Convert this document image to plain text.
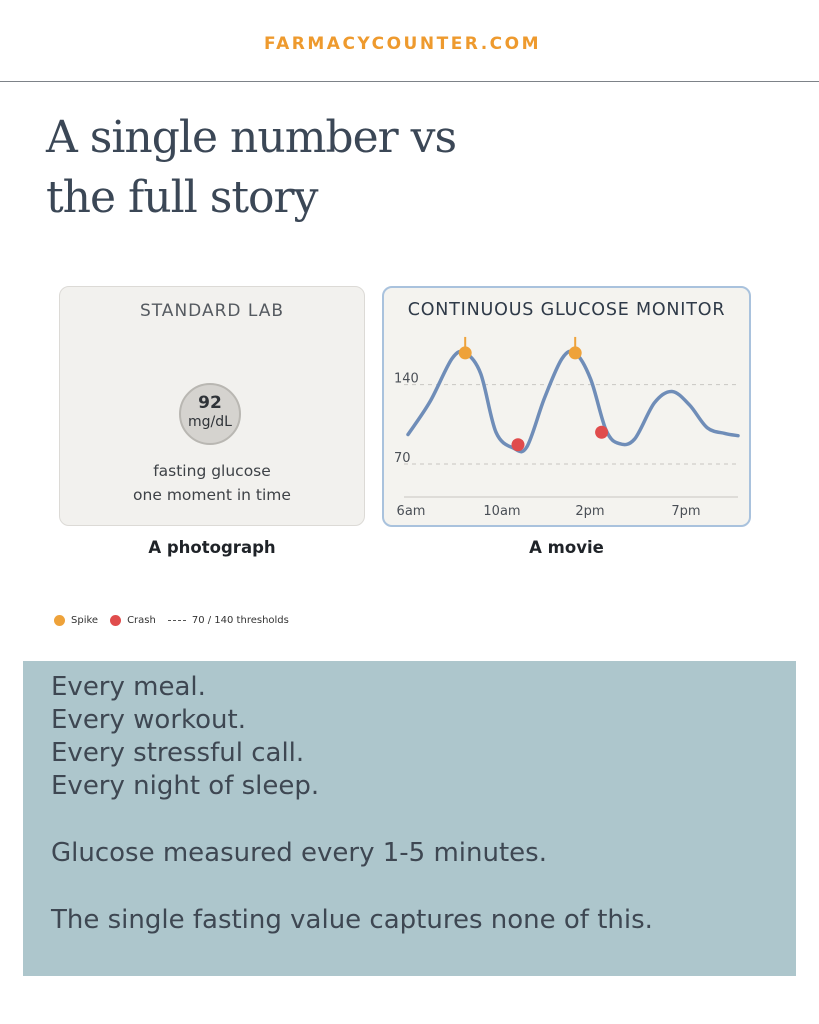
FARMACYCOUNTER.COM
A single number vs
the full story
STANDARD LAB
92
mg/dL
fasting glucose
one moment in time
CONTINUOUS GLUCOSE MONITOR
70
140
6am	10am	2pm	7pm
A photograph	A movie
Spike	Crash	70 / 140 thresholds
Every meal.
Every workout.
Every stressful call.
Every night of sleep.
Glucose measured every 1-5 minutes.
The single fasting value captures none of this.
